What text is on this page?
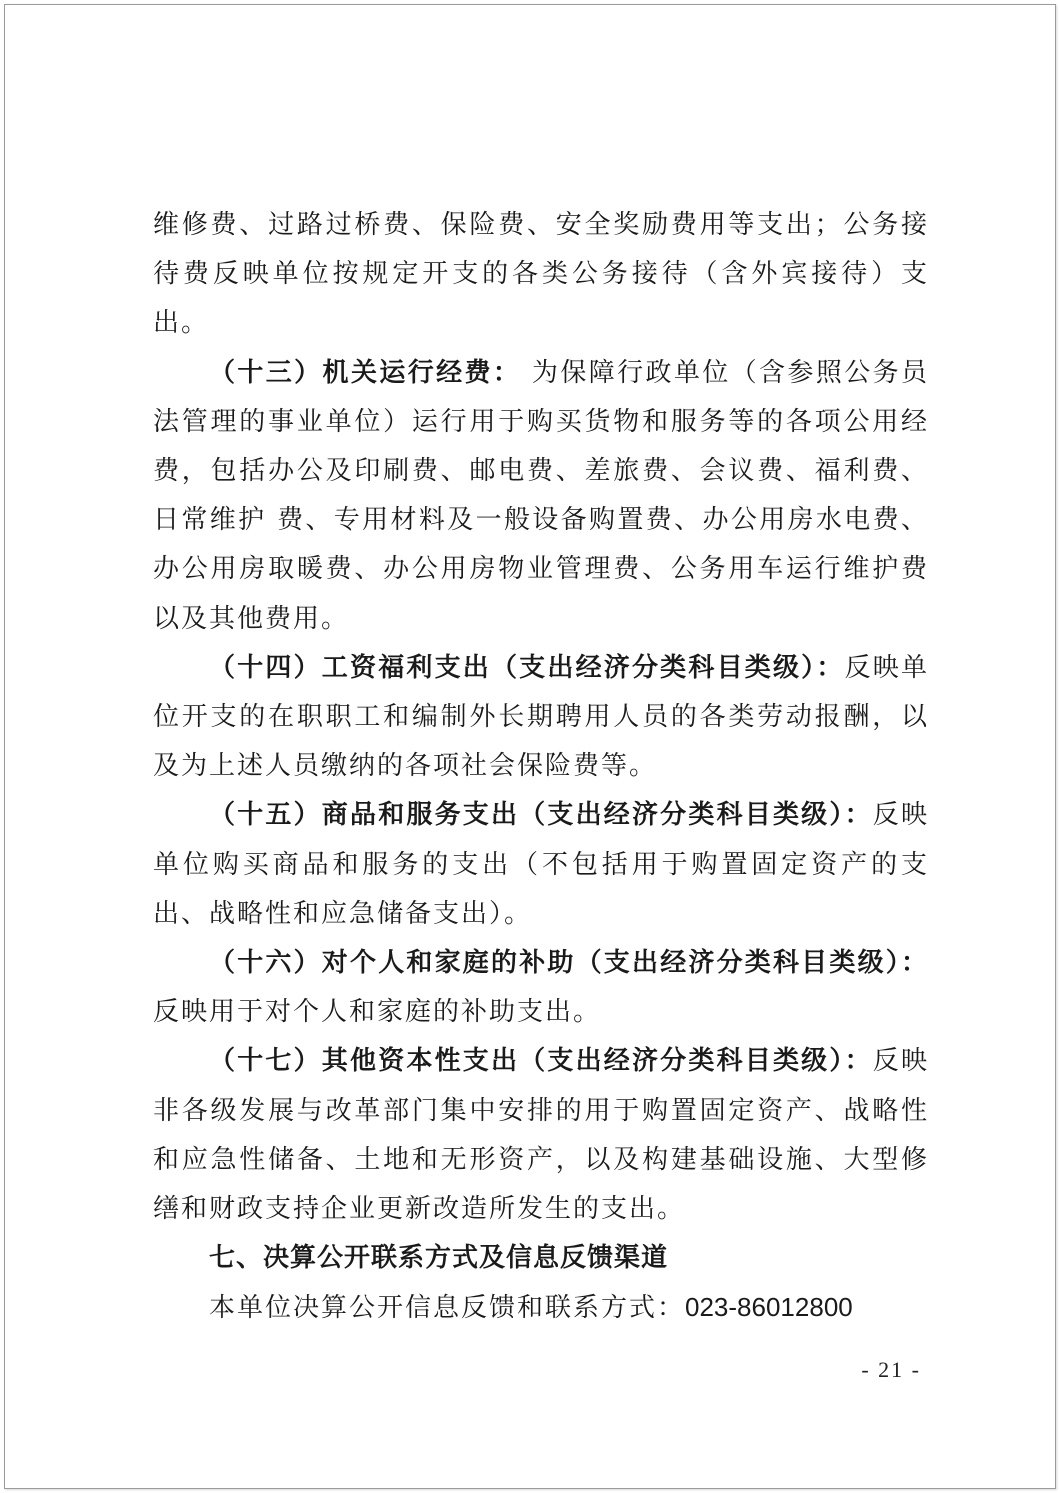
维修费、过路过桥费、保险费、安全奖励费用等支出；公务接待费反映单位按规定开支的各类公务接待（含外宾接待）支出。

（十三）机关运行经费： 为保障行政单位（含参照公务员法管理的事业单位）运行用于购买货物和服务等的各项公用经费，包括办公及印刷费、邮电费、差旅费、会议费、福利费、日常维护 费、专用材料及一般设备购置费、办公用房水电费、办公用房取暖费、办公用房物业管理费、公务用车运行维护费以及其他费用。

（十四）工资福利支出（支出经济分类科目类级）：反映单位开支的在职职工和编制外长期聘用人员的各类劳动报酬，以及为上述人员缴纳的各项社会保险费等。

（十五）商品和服务支出（支出经济分类科目类级）：反映单位购买商品和服务的支出（不包括用于购置固定资产的支出、战略性和应急储备支出）。

（十六）对个人和家庭的补助（支出经济分类科目类级）：反映用于对个人和家庭的补助支出。

（十七）其他资本性支出（支出经济分类科目类级）：反映非各级发展与改革部门集中安排的用于购置固定资产、战略性和应急性储备、土地和无形资产，以及构建基础设施、大型修缮和财政支持企业更新改造所发生的支出。

七、决算公开联系方式及信息反馈渠道

本单位决算公开信息反馈和联系方式：023-86012800

- 21 -
